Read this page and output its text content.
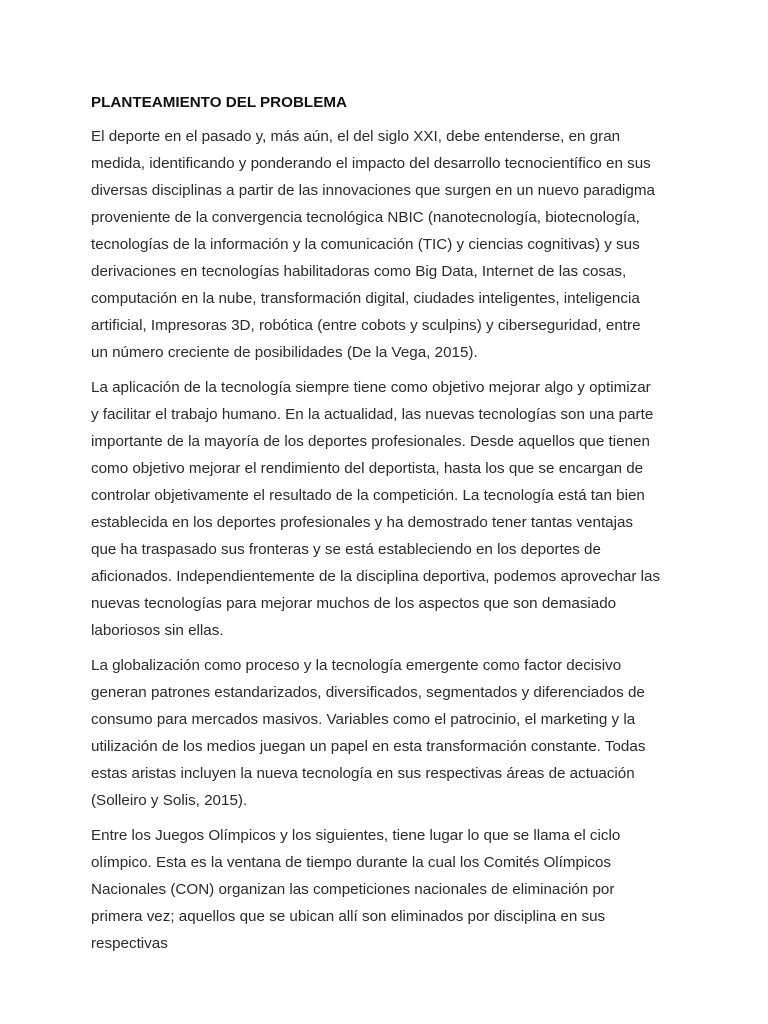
PLANTEAMIENTO DEL PROBLEMA

El deporte en el pasado y, más aún, el del siglo XXI, debe entenderse, en gran medida, identificando y ponderando el impacto del desarrollo tecnocientífico en sus diversas disciplinas a partir de las innovaciones que surgen en un nuevo paradigma proveniente de la convergencia tecnológica NBIC (nanotecnología, biotecnología, tecnologías de la información y la comunicación (TIC) y ciencias cognitivas) y sus derivaciones en tecnologías habilitadoras como Big Data, Internet de las cosas, computación en la nube, transformación digital, ciudades inteligentes, inteligencia artificial, Impresoras 3D, robótica (entre cobots y sculpins) y ciberseguridad, entre un número creciente de posibilidades (De la Vega, 2015).

La aplicación de la tecnología siempre tiene como objetivo mejorar algo y optimizar y facilitar el trabajo humano. En la actualidad, las nuevas tecnologías son una parte importante de la mayoría de los deportes profesionales. Desde aquellos que tienen como objetivo mejorar el rendimiento del deportista, hasta los que se encargan de controlar objetivamente el resultado de la competición. La tecnología está tan bien establecida en los deportes profesionales y ha demostrado tener tantas ventajas que ha traspasado sus fronteras y se está estableciendo en los deportes de aficionados. Independientemente de la disciplina deportiva, podemos aprovechar las nuevas tecnologías para mejorar muchos de los aspectos que son demasiado laboriosos sin ellas.

La globalización como proceso y la tecnología emergente como factor decisivo generan patrones estandarizados, diversificados, segmentados y diferenciados de consumo para mercados masivos. Variables como el patrocinio, el marketing y la utilización de los medios juegan un papel en esta transformación constante. Todas estas aristas incluyen la nueva tecnología en sus respectivas áreas de actuación (Solleiro y Solis, 2015).

Entre los Juegos Olímpicos y los siguientes, tiene lugar lo que se llama el ciclo olímpico. Esta es la ventana de tiempo durante la cual los Comités Olímpicos Nacionales (CON) organizan las competiciones nacionales de eliminación por primera vez; aquellos que se ubican allí son eliminados por disciplina en sus respectivas
